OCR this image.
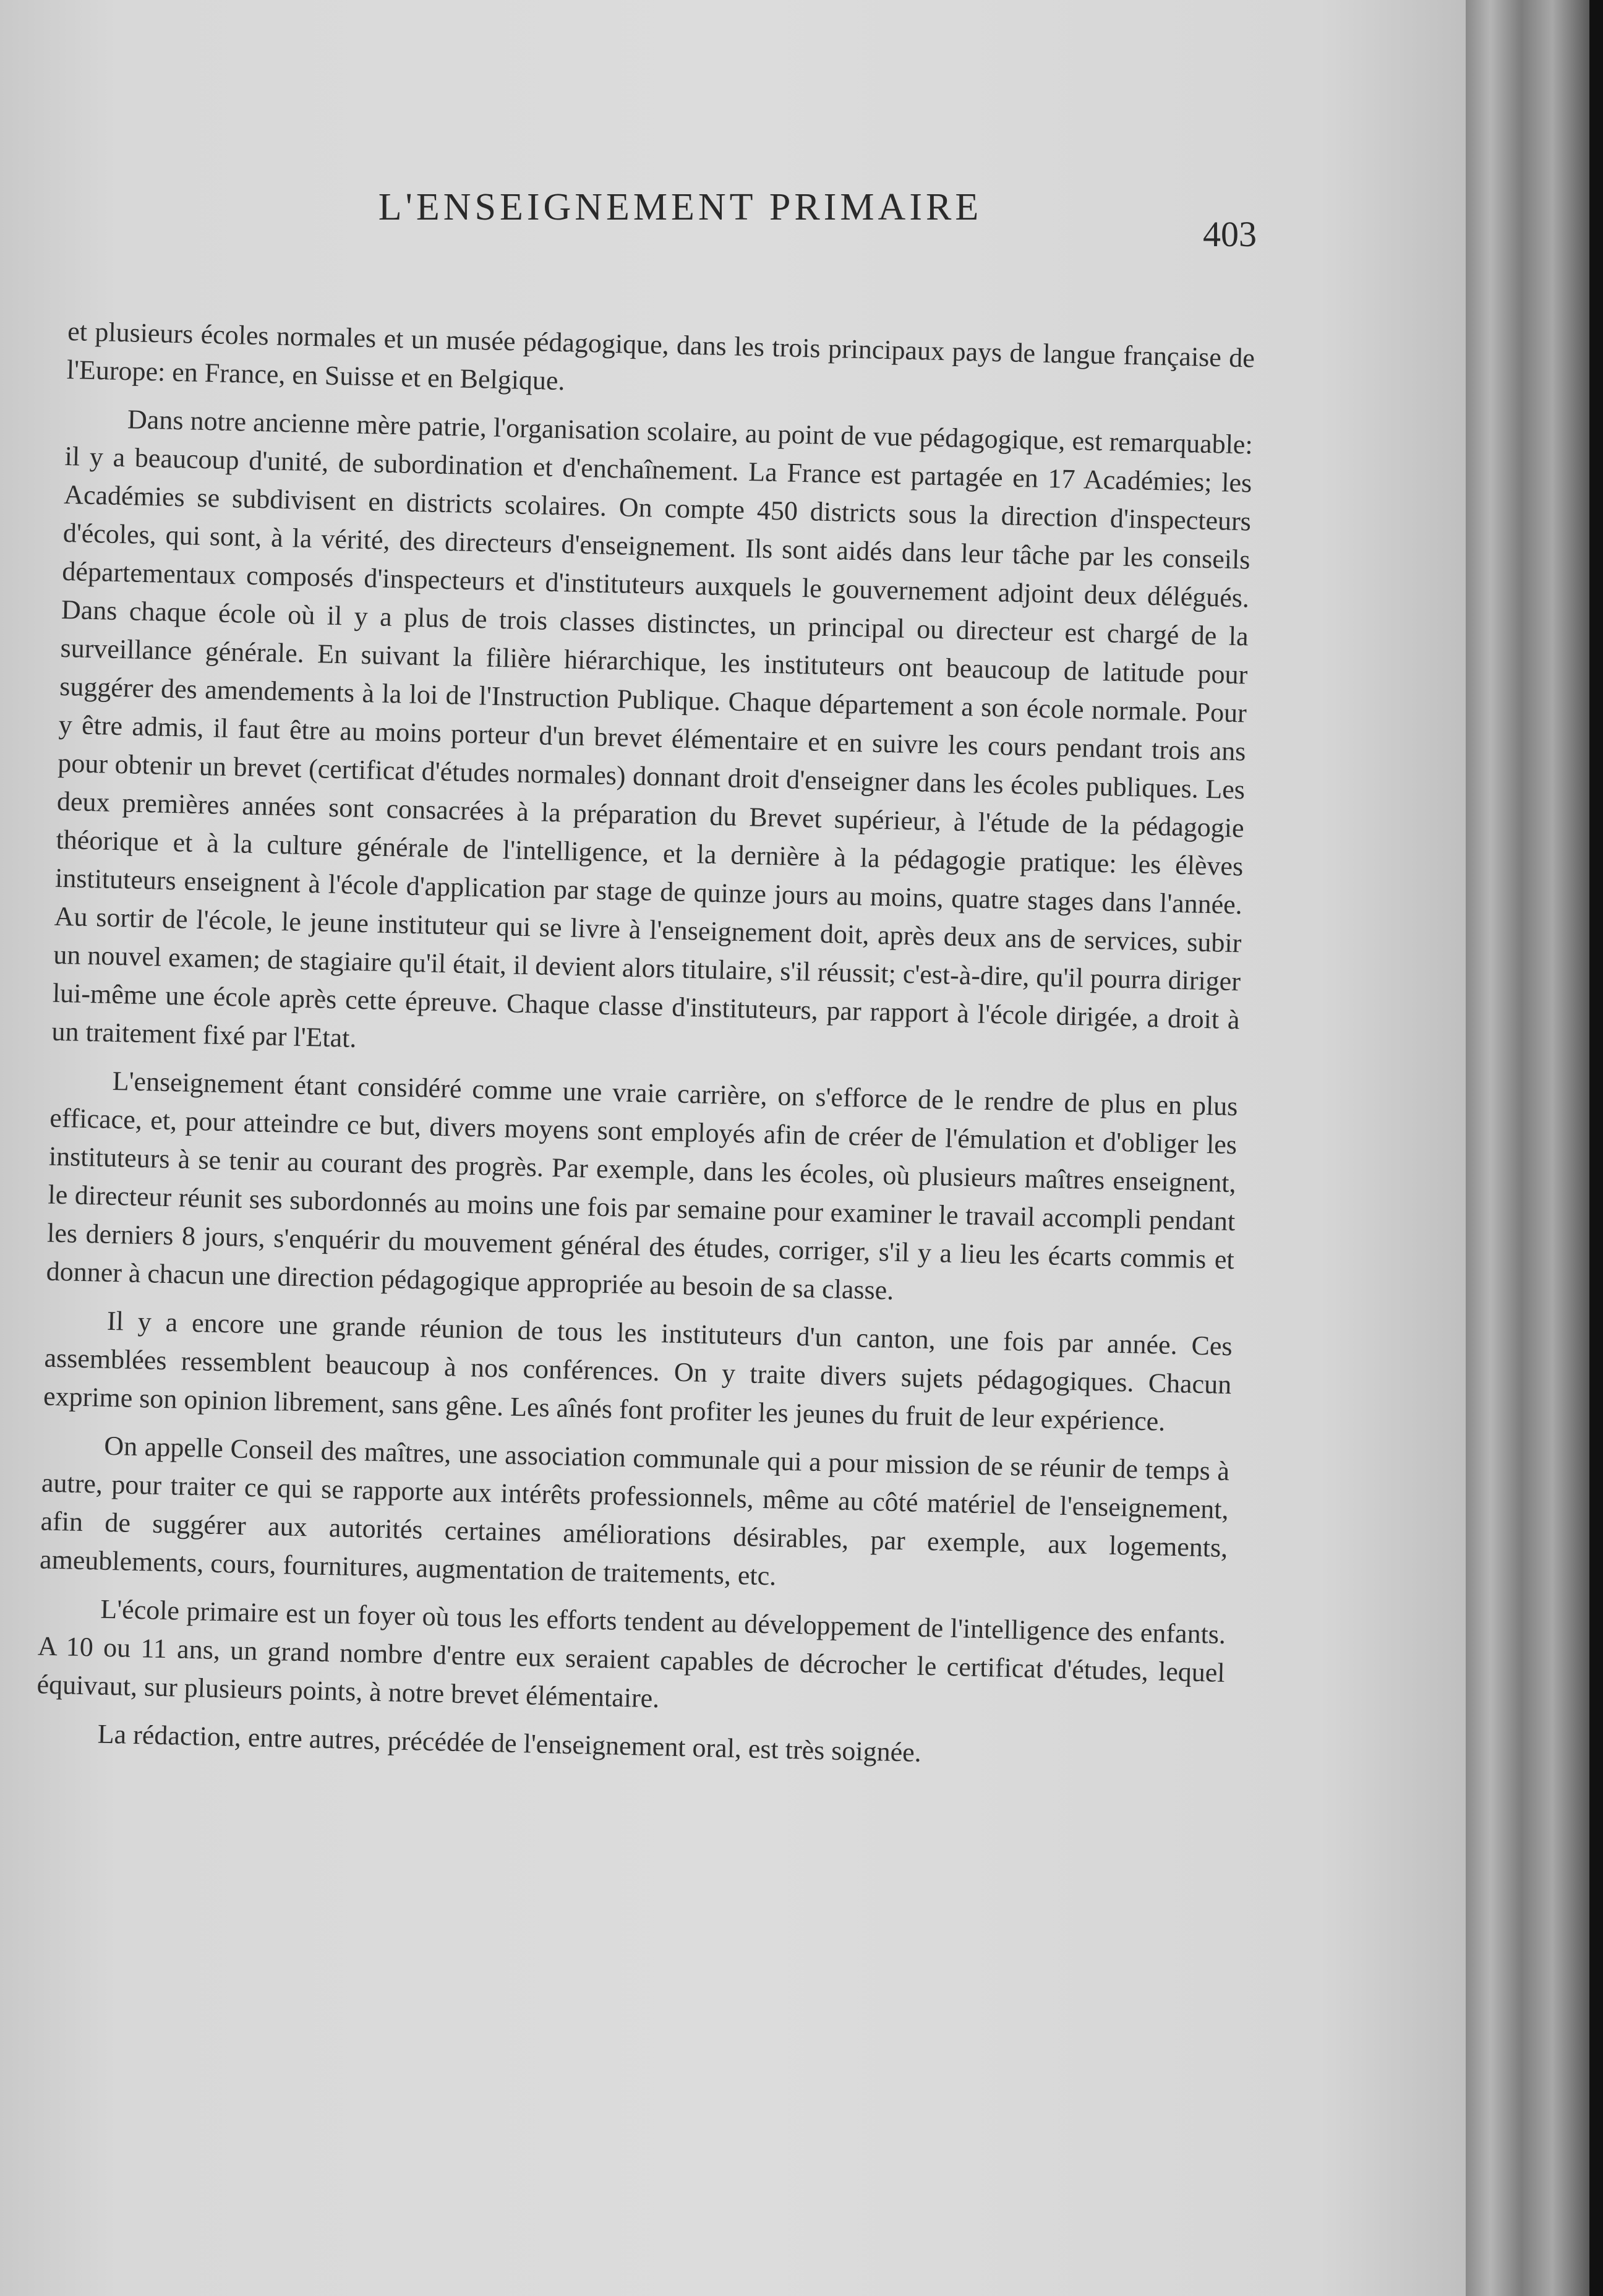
L'ENSEIGNEMENT PRIMAIRE
403

et plusieurs écoles normales et un musée pédagogique, dans les trois principaux pays de langue française de l'Europe: en France, en Suisse et en Belgique.

Dans notre ancienne mère patrie, l'organisation scolaire, au point de vue pédagogique, est remarquable: il y a beaucoup d'unité, de subordination et d'enchaînement. La France est partagée en 17 Académies; les Académies se subdivisent en districts scolaires. On compte 450 districts sous la direction d'inspecteurs d'écoles, qui sont, à la vérité, des directeurs d'enseignement. Ils sont aidés dans leur tâche par les conseils départementaux composés d'inspecteurs et d'instituteurs auxquels le gouvernement adjoint deux délégués. Dans chaque école où il y a plus de trois classes distinctes, un principal ou directeur est chargé de la surveillance générale. En suivant la filière hiérarchique, les instituteurs ont beaucoup de latitude pour suggérer des amendements à la loi de l'Instruction Publique. Chaque département a son école normale. Pour y être admis, il faut être au moins porteur d'un brevet élémentaire et en suivre les cours pendant trois ans pour obtenir un brevet (certificat d'études normales) donnant droit d'enseigner dans les écoles publiques. Les deux premières années sont consacrées à la préparation du Brevet supérieur, à l'étude de la pédagogie théorique et à la culture générale de l'intelligence, et la dernière à la pédagogie pratique: les élèves instituteurs enseignent à l'école d'application par stage de quinze jours au moins, quatre stages dans l'année. Au sortir de l'école, le jeune instituteur qui se livre à l'enseignement doit, après deux ans de services, subir un nouvel examen; de stagiaire qu'il était, il devient alors titulaire, s'il réussit; c'est-à-dire, qu'il pourra diriger lui-même une école après cette épreuve. Chaque classe d'instituteurs, par rapport à l'école dirigée, a droit à un traitement fixé par l'Etat.

L'enseignement étant considéré comme une vraie carrière, on s'efforce de le rendre de plus en plus efficace, et, pour atteindre ce but, divers moyens sont employés afin de créer de l'émulation et d'obliger les instituteurs à se tenir au courant des progrès. Par exemple, dans les écoles, où plusieurs maîtres enseignent, le directeur réunit ses subordonnés au moins une fois par semaine pour examiner le travail accompli pendant les derniers 8 jours, s'enquérir du mouvement général des études, corriger, s'il y a lieu les écarts commis et donner à chacun une direction pédagogique appropriée au besoin de sa classe.

Il y a encore une grande réunion de tous les instituteurs d'un canton, une fois par année. Ces assemblées ressemblent beaucoup à nos conférences. On y traite divers sujets pédagogiques. Chacun exprime son opinion librement, sans gêne. Les aînés font profiter les jeunes du fruit de leur expérience.

On appelle Conseil des maîtres, une association communale qui a pour mission de se réunir de temps à autre, pour traiter ce qui se rapporte aux intérêts professionnels, même au côté matériel de l'enseignement, afin de suggérer aux autorités certaines améliorations désirables, par exemple, aux logements, ameublements, cours, fournitures, augmentation de traitements, etc.

L'école primaire est un foyer où tous les efforts tendent au développement de l'intelligence des enfants. A 10 ou 11 ans, un grand nombre d'entre eux seraient capables de décrocher le certificat d'études, lequel équivaut, sur plusieurs points, à notre brevet élémentaire.

La rédaction, entre autres, précédée de l'enseignement oral, est très soignée.
